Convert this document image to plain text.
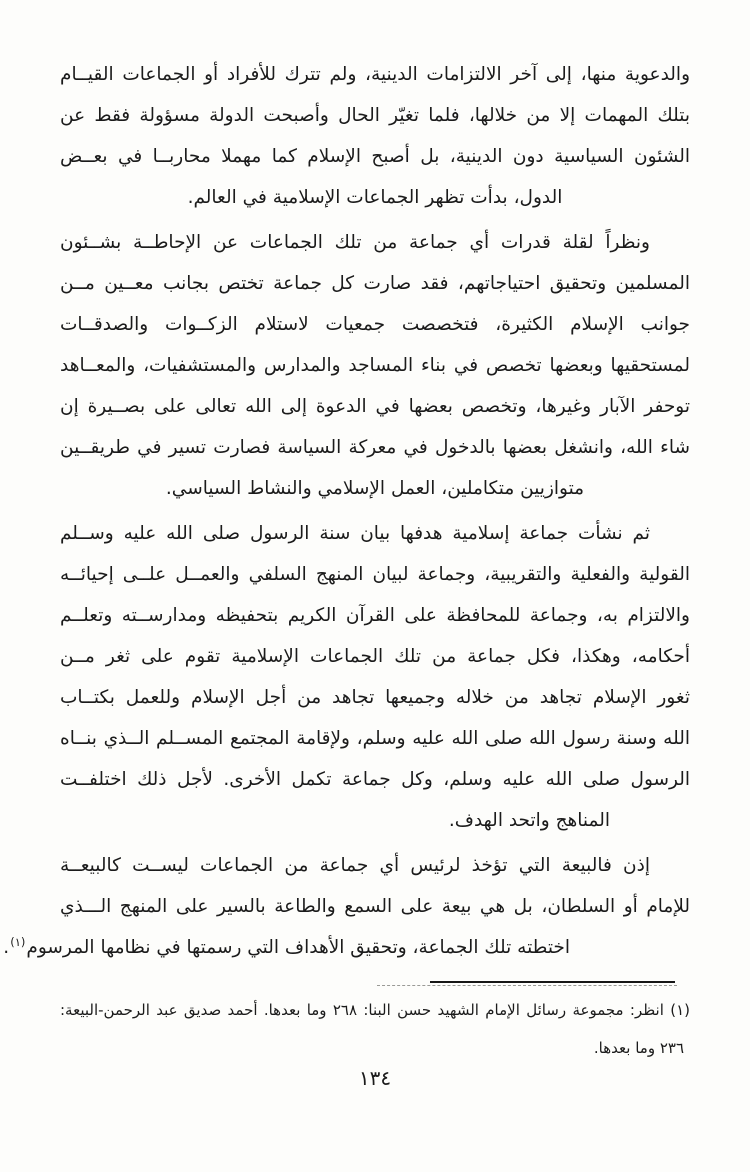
والدعوية منها، إلى آخر الالتزامات الدينية، ولم تترك للأفراد أو الجماعات القيــام
بتلك المهمات إلا من خلالها، فلما تغيّر الحال وأصبحت الدولة مسؤولة فقط عن
الشئون السياسية دون الدينية، بل أصبح الإسلام كما مهملا محاربــا في بعــض
الدول، بدأت تظهر الجماعات الإسلامية في العالم.
ونظراً لقلة قدرات أي جماعة من تلك الجماعات عن الإحاطــة بشــئون
المسلمين وتحقيق احتياجاتهم، فقد صارت كل جماعة تختص بجانب معــين مــن
جوانب الإسلام الكثيرة، فتخصصت جمعيات لاستلام الزكــوات والصدقــات
لمستحقيها وبعضها تخصص في بناء المساجد والمدارس والمستشفيات، والمعــاهد
توحفر الآبار وغيرها، وتخصص بعضها في الدعوة إلى الله تعالى على بصــيرة إن
شاء الله، وانشغل بعضها بالدخول في معركة السياسة فصارت تسير في طريقــين
متوازيين متكاملين، العمل الإسلامي والنشاط السياسي.
ثم نشأت جماعة إسلامية هدفها بيان سنة الرسول صلى الله عليه وســلم
القولية والفعلية والتقريبية، وجماعة لبيان المنهج السلفي والعمــل علــى إحيائــه
والالتزام به، وجماعة للمحافظة على القرآن الكريم بتحفيظه ومدارســته وتعلــم
أحكامه، وهكذا، فكل جماعة من تلك الجماعات الإسلامية تقوم على ثغر مــن
ثغور الإسلام تجاهد من خلاله وجميعها تجاهد من أجل الإسلام وللعمل بكتــاب
الله وسنة رسول الله صلى الله عليه وسلم، ولإقامة المجتمع المســلم الــذي بنــاه
الرسول صلى الله عليه وسلم، وكل جماعة تكمل الأخرى. لأجل ذلك اختلفــت
المناهج واتحد الهدف.
إذن فالبيعة التي تؤخذ لرئيس أي جماعة من الجماعات ليســت كالبيعــة
للإمام أو السلطان، بل هي بيعة على السمع والطاعة بالسير على المنهج الـــذي
اختطته تلك الجماعة، وتحقيق الأهداف التي رسمتها في نظامها المرسوم$^{(١)}$.
(١) انظر: مجموعة رسائل الإمام الشهيد حسن البنا: ٢٦٨ وما بعدها. أحمد صديق عبد الرحمن-البيعة:
٢٣٦ وما بعدها.
١٣٤
